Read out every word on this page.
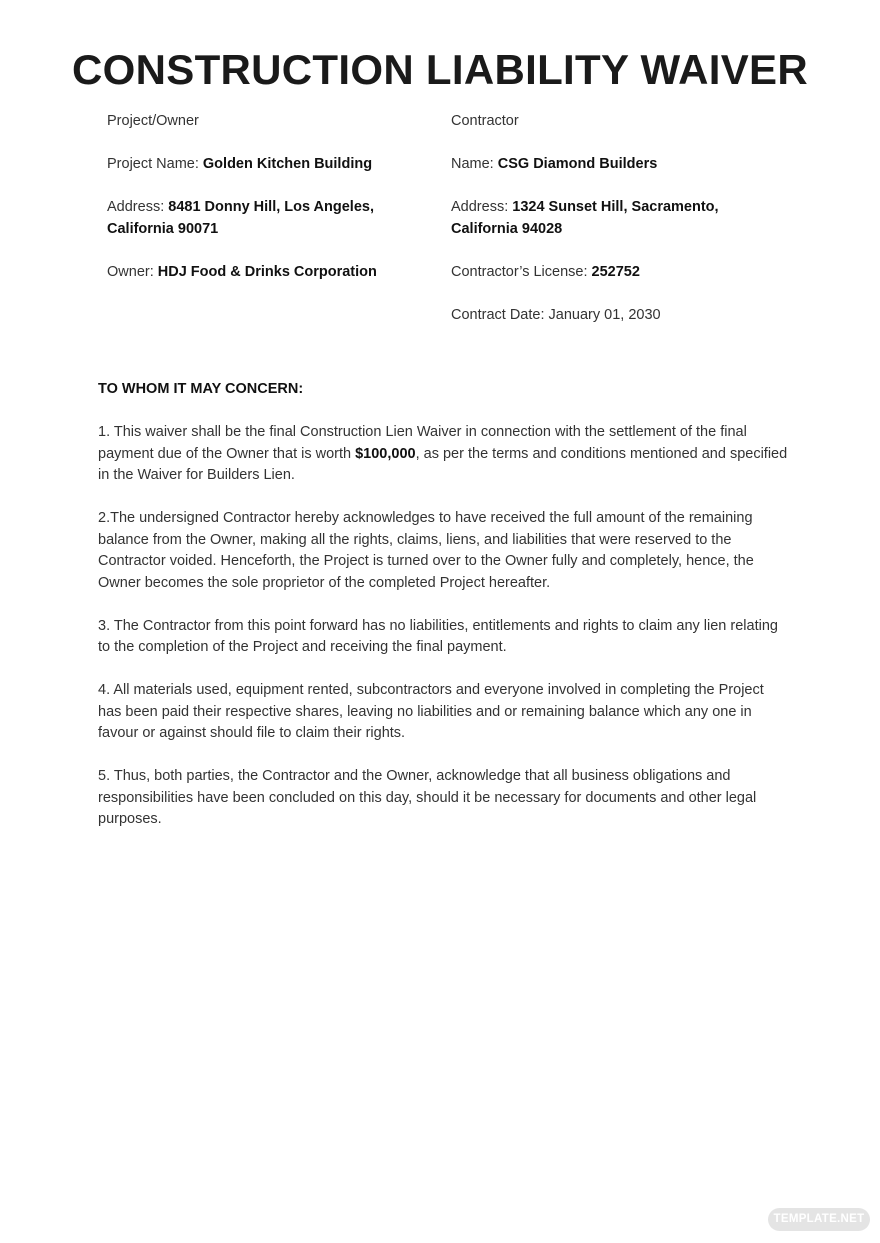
CONSTRUCTION LIABILITY WAIVER

Project/Owner

Project Name: Golden Kitchen Building

Address: 8481 Donny Hill, Los Angeles, California 90071

Owner: HDJ Food & Drinks Corporation

Contractor

Name: CSG Diamond Builders

Address: 1324 Sunset Hill, Sacramento, California 94028

Contractor’s License: 252752

Contract Date: January 01, 2030

TO WHOM IT MAY CONCERN:

1. This waiver shall be the final Construction Lien Waiver in connection with the settlement of the final payment due of the Owner that is worth $100,000, as per the terms and conditions mentioned and specified in the Waiver for Builders Lien.

2.The undersigned Contractor hereby acknowledges to have received the full amount of the remaining balance from the Owner, making all the rights, claims, liens, and liabilities that were reserved to the Contractor voided. Henceforth, the Project is turned over to the Owner fully and completely, hence, the Owner becomes the sole proprietor of the completed Project hereafter.

3. The Contractor from this point forward has no liabilities, entitlements and rights to claim any lien relating to the completion of the Project and receiving the final payment.

4. All materials used, equipment rented, subcontractors and everyone involved in completing the Project has been paid their respective shares, leaving no liabilities and or remaining balance which any one in favour or against should file to claim their rights.

5. Thus, both parties, the Contractor and the Owner, acknowledge that all business obligations and responsibilities have been concluded on this day, should it be necessary for documents and other legal purposes.

TEMPLATE.NET
